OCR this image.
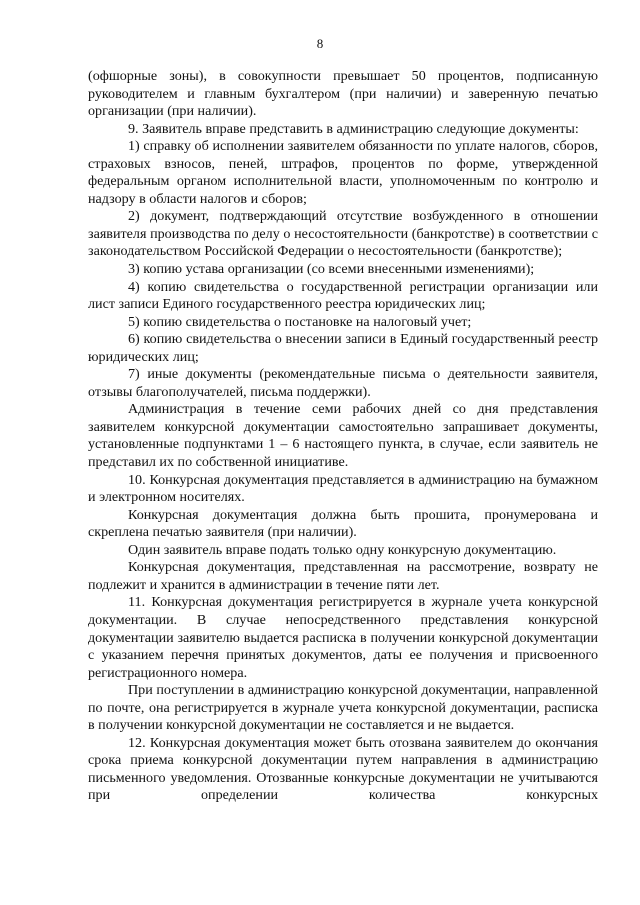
8

(офшорные зоны), в совокупности превышает 50 процентов, подписанную руководителем и главным бухгалтером (при наличии) и заверенную печатью организации (при наличии).

9. Заявитель вправе представить в администрацию следующие документы:

1) справку об исполнении заявителем обязанности по уплате налогов, сборов, страховых взносов, пеней, штрафов, процентов по форме, утвержденной федеральным органом исполнительной власти, уполномоченным по контролю и надзору в области налогов и сборов;

2) документ, подтверждающий отсутствие возбужденного в отношении заявителя производства по делу о несостоятельности (банкротстве) в соответствии с законодательством Российской Федерации о несостоятельности (банкротстве);

3) копию устава организации (со всеми внесенными изменениями);

4) копию свидетельства о государственной регистрации организации или лист записи Единого государственного реестра юридических лиц;

5) копию свидетельства о постановке на налоговый учет;

6) копию свидетельства о внесении записи в Единый государственный реестр юридических лиц;

7) иные документы (рекомендательные письма о деятельности заявителя, отзывы благополучателей, письма поддержки).

Администрация в течение семи рабочих дней со дня представления заявителем конкурсной документации самостоятельно запрашивает документы, установленные подпунктами 1 – 6 настоящего пункта, в случае, если заявитель не представил их по собственной инициативе.

10. Конкурсная документация представляется в администрацию на бумажном и электронном носителях.

Конкурсная документация должна быть прошита, пронумерована и скреплена печатью заявителя (при наличии).

Один заявитель вправе подать только одну конкурсную документацию.

Конкурсная документация, представленная на рассмотрение, возврату не подлежит и хранится в администрации в течение пяти лет.

11. Конкурсная документация регистрируется в журнале учета конкурсной документации. В случае непосредственного представления конкурсной документации заявителю выдается расписка в получении конкурсной документации с указанием перечня принятых документов, даты ее получения и присвоенного регистрационного номера.

При поступлении в администрацию конкурсной документации, направленной по почте, она регистрируется в журнале учета конкурсной документации, расписка в получении конкурсной документации не составляется и не выдается.

12. Конкурсная документация может быть отозвана заявителем до окончания срока приема конкурсной документации путем направления в администрацию письменного уведомления. Отозванные конкурсные документации не учитываются при определении количества конкурсных
